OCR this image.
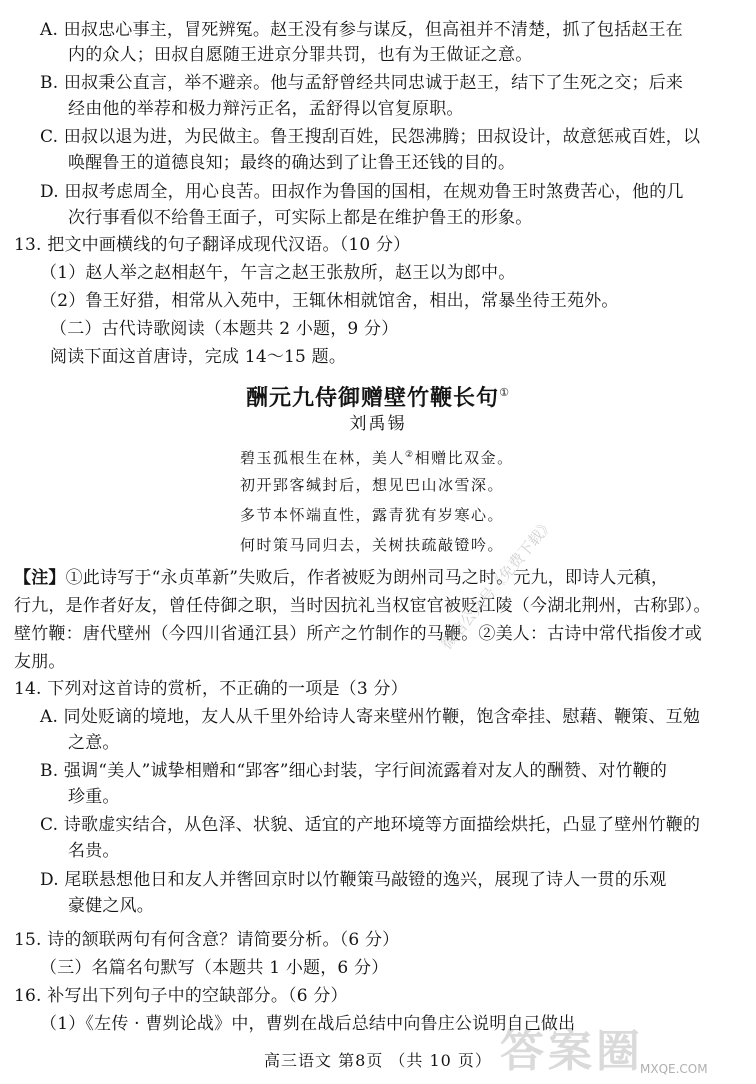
A. 田叔忠心事主，冒死辨冤。赵王没有参与谋反，但高祖并不清楚，抓了包括赵王在
内的众人；田叔自愿随王进京分罪共罚，也有为王做证之意。
B. 田叔秉公直言，举不避亲。他与孟舒曾经共同忠诚于赵王，结下了生死之交；后来
经由他的举荐和极力辩污正名，孟舒得以官复原职。
C. 田叔以退为进，为民做主。鲁王搜刮百姓，民怨沸腾；田叔设计，故意惩戒百姓，以
唤醒鲁王的道德良知；最终的确达到了让鲁王还钱的目的。
D. 田叔考虑周全，用心良苦。田叔作为鲁国的国相，在规劝鲁王时煞费苦心，他的几
次行事看似不给鲁王面子，可实际上都是在维护鲁王的形象。
13. 把文中画横线的句子翻译成现代汉语。（10 分）
（1）赵人举之赵相赵午，午言之赵王张敖所，赵王以为郎中。
（2）鲁王好猎，相常从入苑中，王辄休相就馆舍，相出，常暴坐待王苑外。
（二）古代诗歌阅读（本题共 2 小题，9 分）
阅读下面这首唐诗，完成 14～15 题。
酬元九侍御赠壁竹鞭长句①
刘禹锡
碧玉孤根生在林，美人②相赠比双金。
初开郢客缄封后，想见巴山冰雪深。
多节本怀端直性，露青犹有岁寒心。
何时策马同归去，关树扶疏敲镫吟。
【注】①此诗写于“永贞革新”失败后，作者被贬为朗州司马之时。元九，即诗人元稹，
行九，是作者好友，曾任侍御之职，当时因抗礼当权宦官被贬江陵（今湖北荆州，古称郢）。
壁竹鞭：唐代壁州（今四川省通江县）所产之竹制作的马鞭。②美人：古诗中常代指俊才或
友朋。
14. 下列对这首诗的赏析，不正确的一项是（3 分）
A. 同处贬谪的境地，友人从千里外给诗人寄来壁州竹鞭，饱含牵挂、慰藉、鞭策、互勉
之意。
B. 强调“美人”诚挚相赠和“郢客”细心封装，字行间流露着对友人的酬赞、对竹鞭的
珍重。
C. 诗歌虚实结合，从色泽、状貌、适宜的产地环境等方面描绘烘托，凸显了壁州竹鞭的
名贵。
D. 尾联悬想他日和友人并辔回京时以竹鞭策马敲镫的逸兴，展现了诗人一贯的乐观
豪健之风。
15. 诗的颔联两句有何含意？请简要分析。（6 分）
（三）名篇名句默写（本题共 1 小题，6 分）
16. 补写出下列句子中的空缺部分。（6 分）
（1）《左传 · 曹刿论战》中，曹刿在战后总结中向鲁庄公说明自己做出
高三语文 第8页 （共 10 页）
微信公众号《免费下载》
答案圈
MXQE.COM
